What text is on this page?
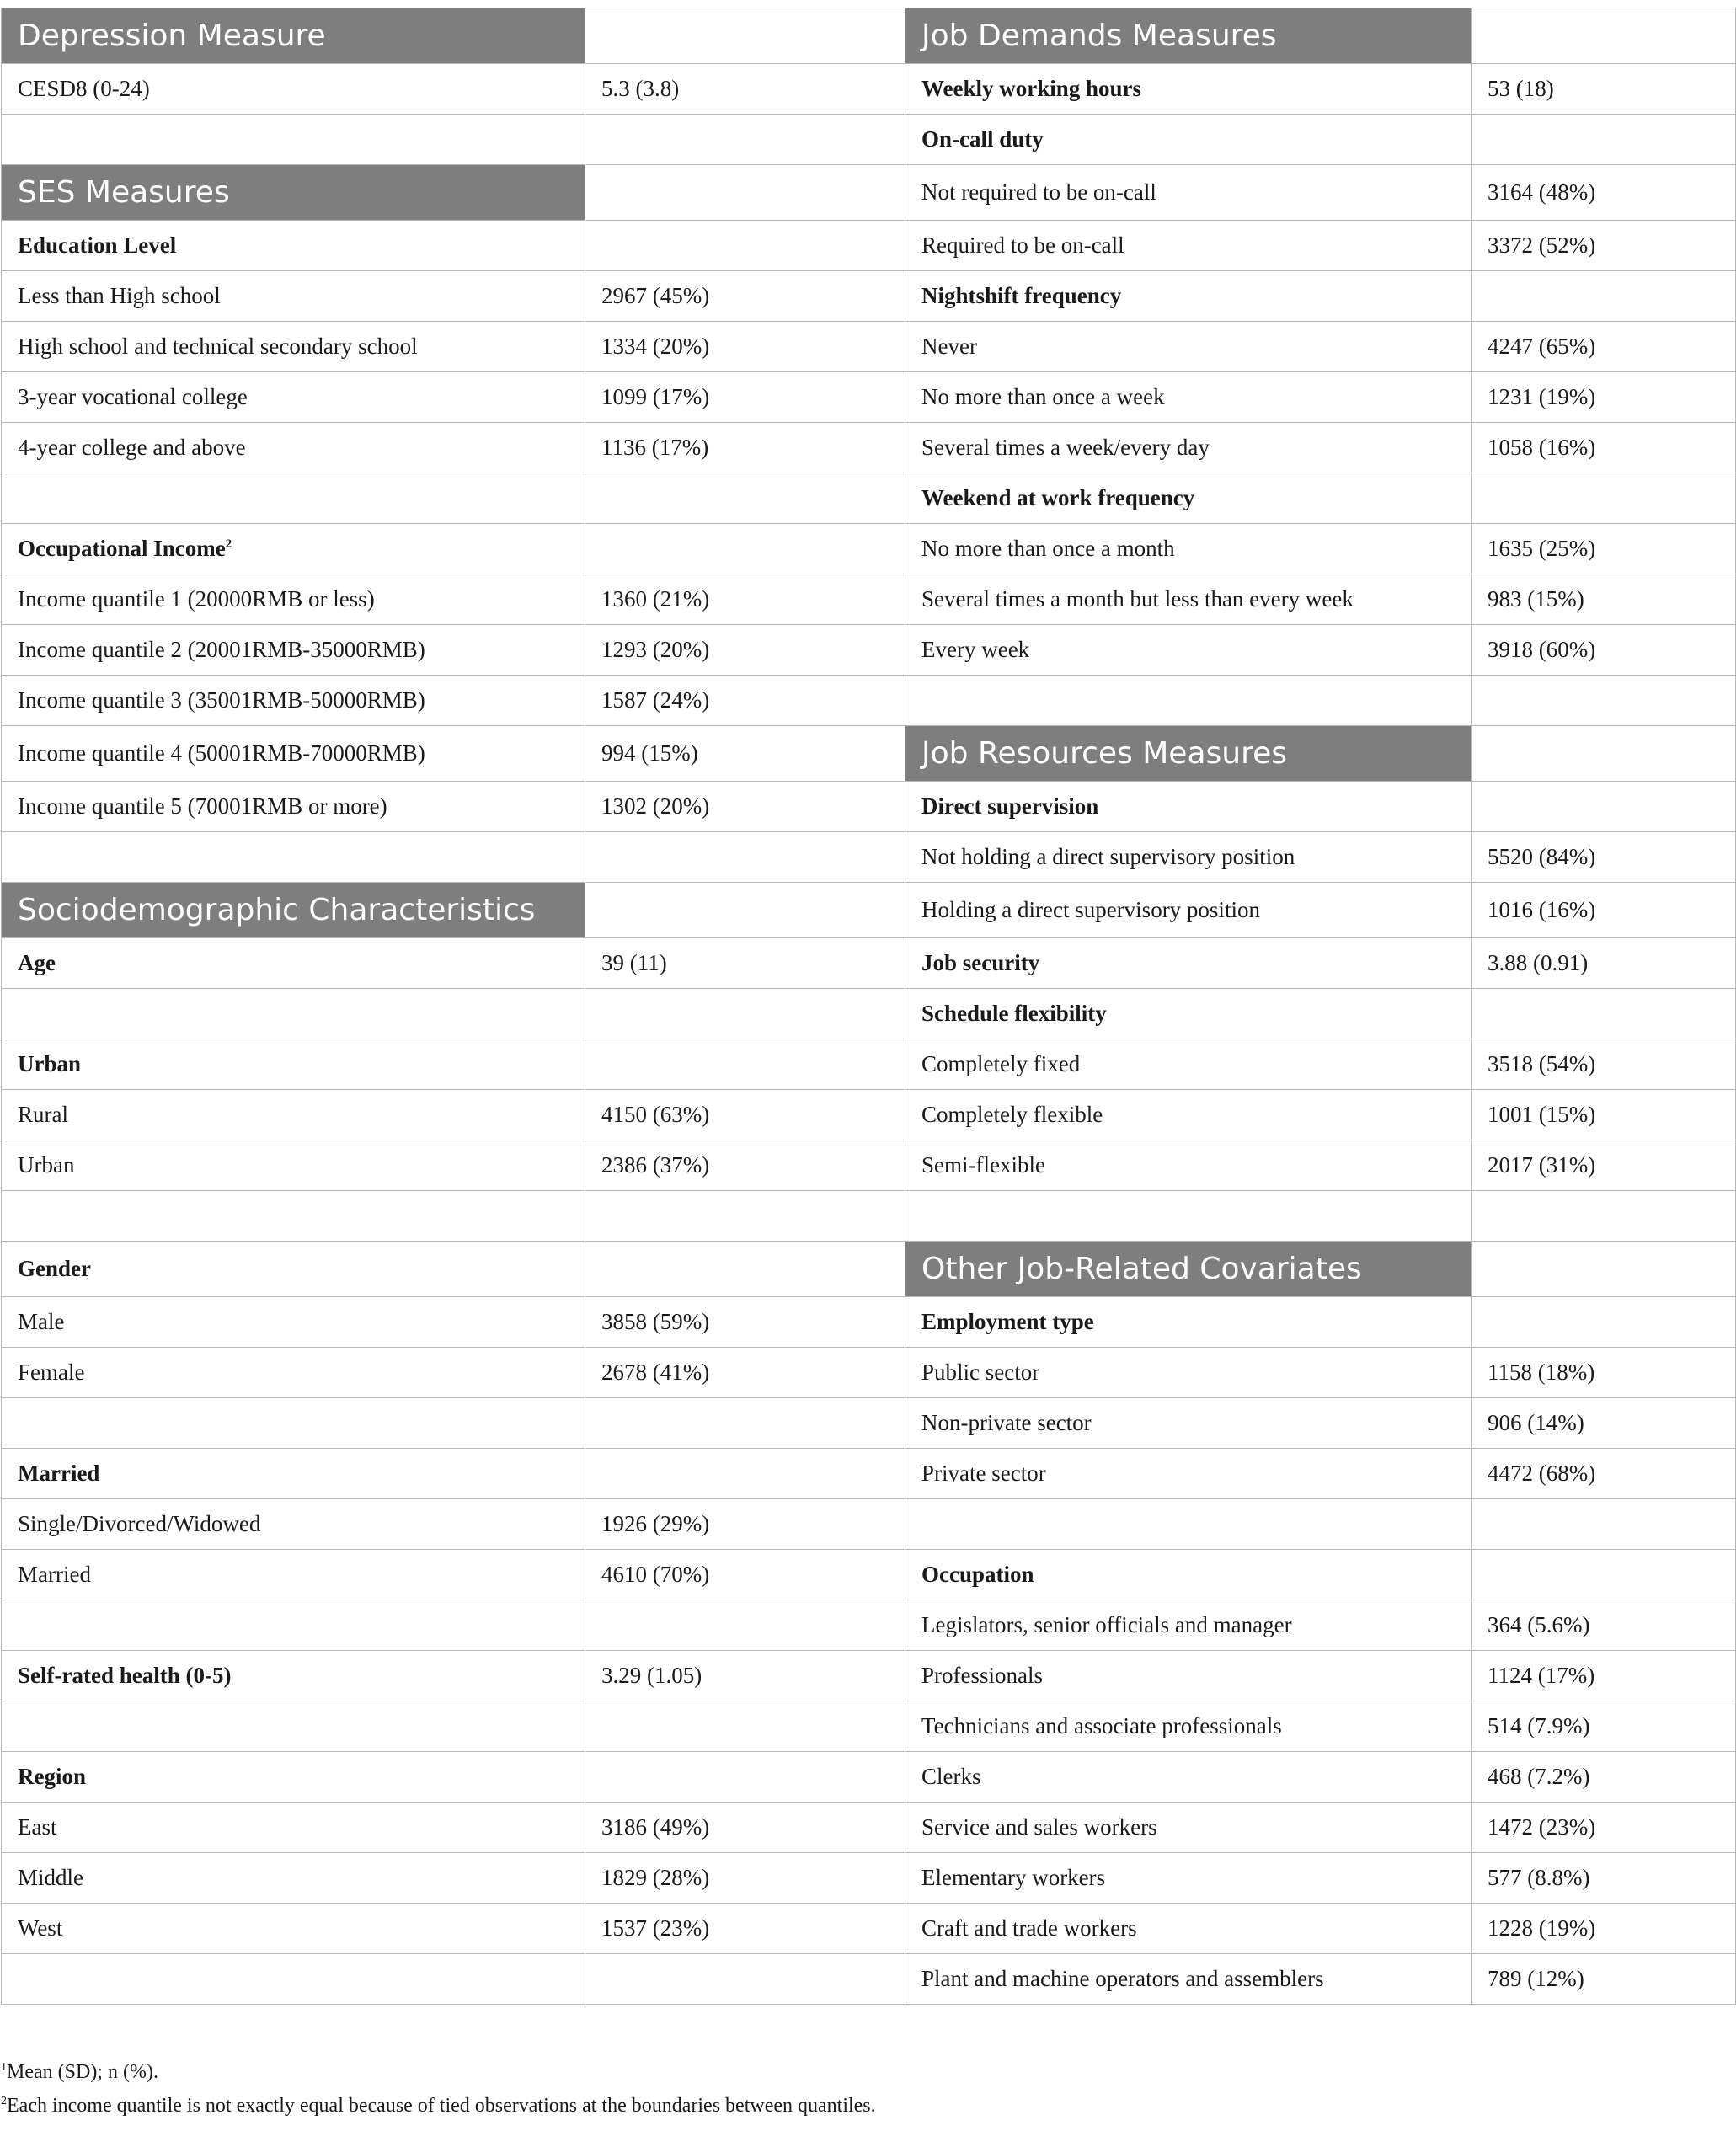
Depression Measure		Job Demands Measures	
CESD8 (0-24)	5.3 (3.8)	Weekly working hours	53 (18)
		On-call duty	
SES Measures		Not required to be on-call	3164 (48%)
Education Level		Required to be on-call	3372 (52%)
Less than High school	2967 (45%)	Nightshift frequency	
High school and technical secondary school	1334 (20%)	Never	4247 (65%)
3-year vocational college	1099 (17%)	No more than once a week	1231 (19%)
4-year college and above	1136 (17%)	Several times a week/every day	1058 (16%)
		Weekend at work frequency	
Occupational Income$^2$		No more than once a month	1635 (25%)
Income quantile 1 (20000RMB or less)	1360 (21%)	Several times a month but less than every week	983 (15%)
Income quantile 2 (20001RMB-35000RMB)	1293 (20%)	Every week	3918 (60%)
Income quantile 3 (35001RMB-50000RMB)	1587 (24%)		
Income quantile 4 (50001RMB-70000RMB)	994 (15%)	Job Resources Measures	
Income quantile 5 (70001RMB or more)	1302 (20%)	Direct supervision	
		Not holding a direct supervisory position	5520 (84%)
Sociodemographic Characteristics		Holding a direct supervisory position	1016 (16%)
Age	39 (11)	Job security	3.88 (0.91)
		Schedule flexibility	
Urban		Completely fixed	3518 (54%)
Rural	4150 (63%)	Completely flexible	1001 (15%)
Urban	2386 (37%)	Semi-flexible	2017 (31%)

Gender		Other Job-Related Covariates	
Male	3858 (59%)	Employment type	
Female	2678 (41%)	Public sector	1158 (18%)
		Non-private sector	906 (14%)
Married		Private sector	4472 (68%)
Single/Divorced/Widowed	1926 (29%)		
Married	4610 (70%)	Occupation	
		Legislators, senior officials and manager	364 (5.6%)
Self-rated health (0-5)	3.29 (1.05)	Professionals	1124 (17%)
		Technicians and associate professionals	514 (7.9%)
Region		Clerks	468 (7.2%)
East	3186 (49%)	Service and sales workers	1472 (23%)
Middle	1829 (28%)	Elementary workers	577 (8.8%)
West	1537 (23%)	Craft and trade workers	1228 (19%)
		Plant and machine operators and assemblers	789 (12%)

$^1$Mean (SD); n (%).

$^2$Each income quantile is not exactly equal because of tied observations at the boundaries between quantiles.
